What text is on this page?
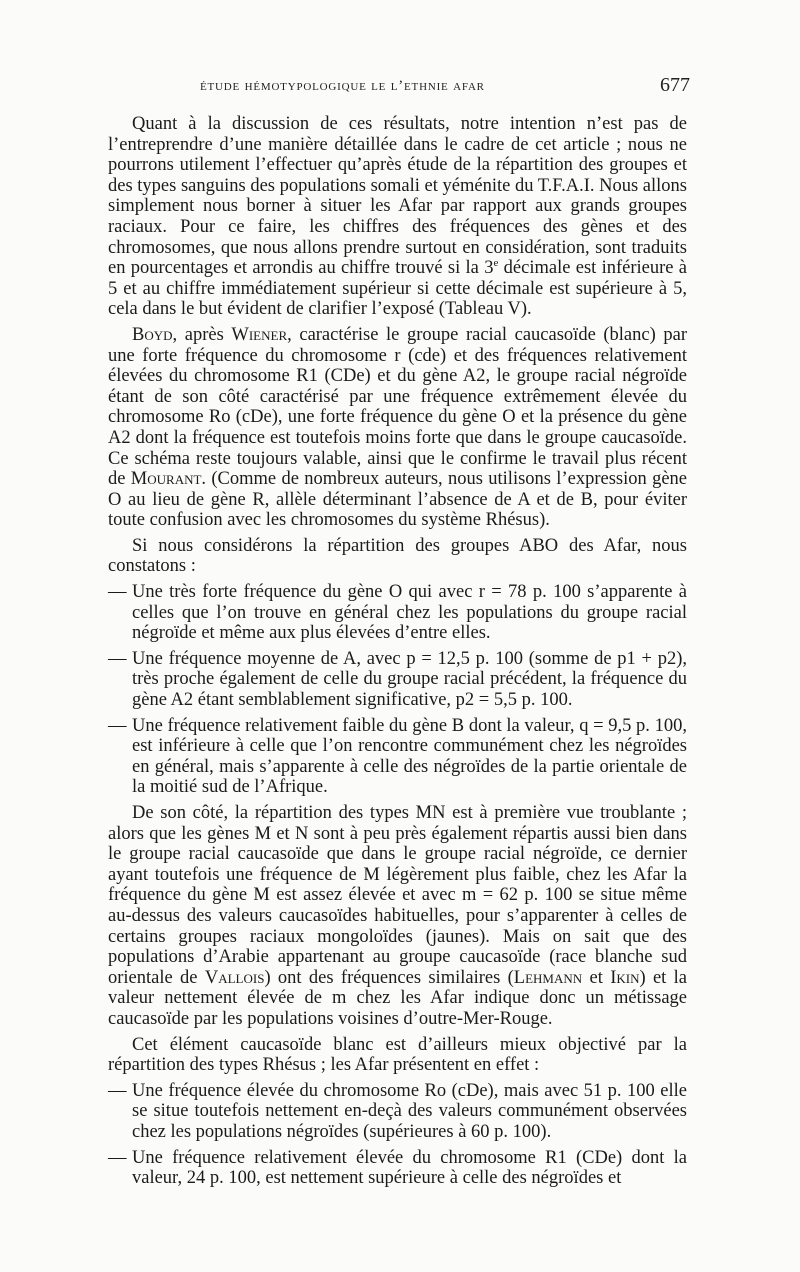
étude hémotypologique le l’ethnie afar	677

Quant à la discussion de ces résultats, notre intention n’est pas de l’entreprendre d’une manière détaillée dans le cadre de cet article ; nous ne pourrons utilement l’effectuer qu’après étude de la répartition des groupes et des types sanguins des populations somali et yéménite du T.F.A.I. Nous allons simplement nous borner à situer les Afar par rapport aux grands groupes raciaux. Pour ce faire, les chiffres des fréquences des gènes et des chromosomes, que nous allons prendre surtout en considération, sont traduits en pourcentages et arrondis au chiffre trouvé si la 3e décimale est inférieure à 5 et au chiffre immédiatement supérieur si cette décimale est supérieure à 5, cela dans le but évident de clarifier l’exposé (Tableau V).

Boyd, après Wiener, caractérise le groupe racial caucasoïde (blanc) par une forte fréquence du chromosome r (cde) et des fréquences relativement élevées du chromosome R1 (CDe) et du gène A2, le groupe racial négroïde étant de son côté caractérisé par une fréquence extrêmement élevée du chromosome Ro (cDe), une forte fréquence du gène O et la présence du gène A2 dont la fréquence est toutefois moins forte que dans le groupe caucasoïde. Ce schéma reste toujours valable, ainsi que le confirme le travail plus récent de Mourant. (Comme de nombreux auteurs, nous utilisons l’expression gène O au lieu de gène R, allèle déterminant l’absence de A et de B, pour éviter toute confusion avec les chromosomes du système Rhésus).

Si nous considérons la répartition des groupes ABO des Afar, nous constatons :

— Une très forte fréquence du gène O qui avec r = 78 p. 100 s’apparente à celles que l’on trouve en général chez les populations du groupe racial négroïde et même aux plus élevées d’entre elles.
— Une fréquence moyenne de A, avec p = 12,5 p. 100 (somme de p1 + p2), très proche également de celle du groupe racial précédent, la fréquence du gène A2 étant semblablement significative, p2 = 5,5 p. 100.
— Une fréquence relativement faible du gène B dont la valeur, q = 9,5 p. 100, est inférieure à celle que l’on rencontre communément chez les négroïdes en général, mais s’apparente à celle des négroïdes de la partie orientale de la moitié sud de l’Afrique.

De son côté, la répartition des types MN est à première vue troublante ; alors que les gènes M et N sont à peu près également répartis aussi bien dans le groupe racial caucasoïde que dans le groupe racial négroïde, ce dernier ayant toutefois une fréquence de M légèrement plus faible, chez les Afar la fréquence du gène M est assez élevée et avec m = 62 p. 100 se situe même au-dessus des valeurs caucasoïdes habituelles, pour s’apparenter à celles de certains groupes raciaux mongoloïdes (jaunes). Mais on sait que des populations d’Arabie appartenant au groupe caucasoïde (race blanche sud orientale de Vallois) ont des fréquences similaires (Lehmann et Ikin) et la valeur nettement élevée de m chez les Afar indique donc un métissage caucasoïde par les populations voisines d’outre-Mer-Rouge.

Cet élément caucasoïde blanc est d’ailleurs mieux objectivé par la répartition des types Rhésus ; les Afar présentent en effet :

— Une fréquence élevée du chromosome Ro (cDe), mais avec 51 p. 100 elle se situe toutefois nettement en-deçà des valeurs communément observées chez les populations négroïdes (supérieures à 60 p. 100).
— Une fréquence relativement élevée du chromosome R1 (CDe) dont la valeur, 24 p. 100, est nettement supérieure à celle des négroïdes et
